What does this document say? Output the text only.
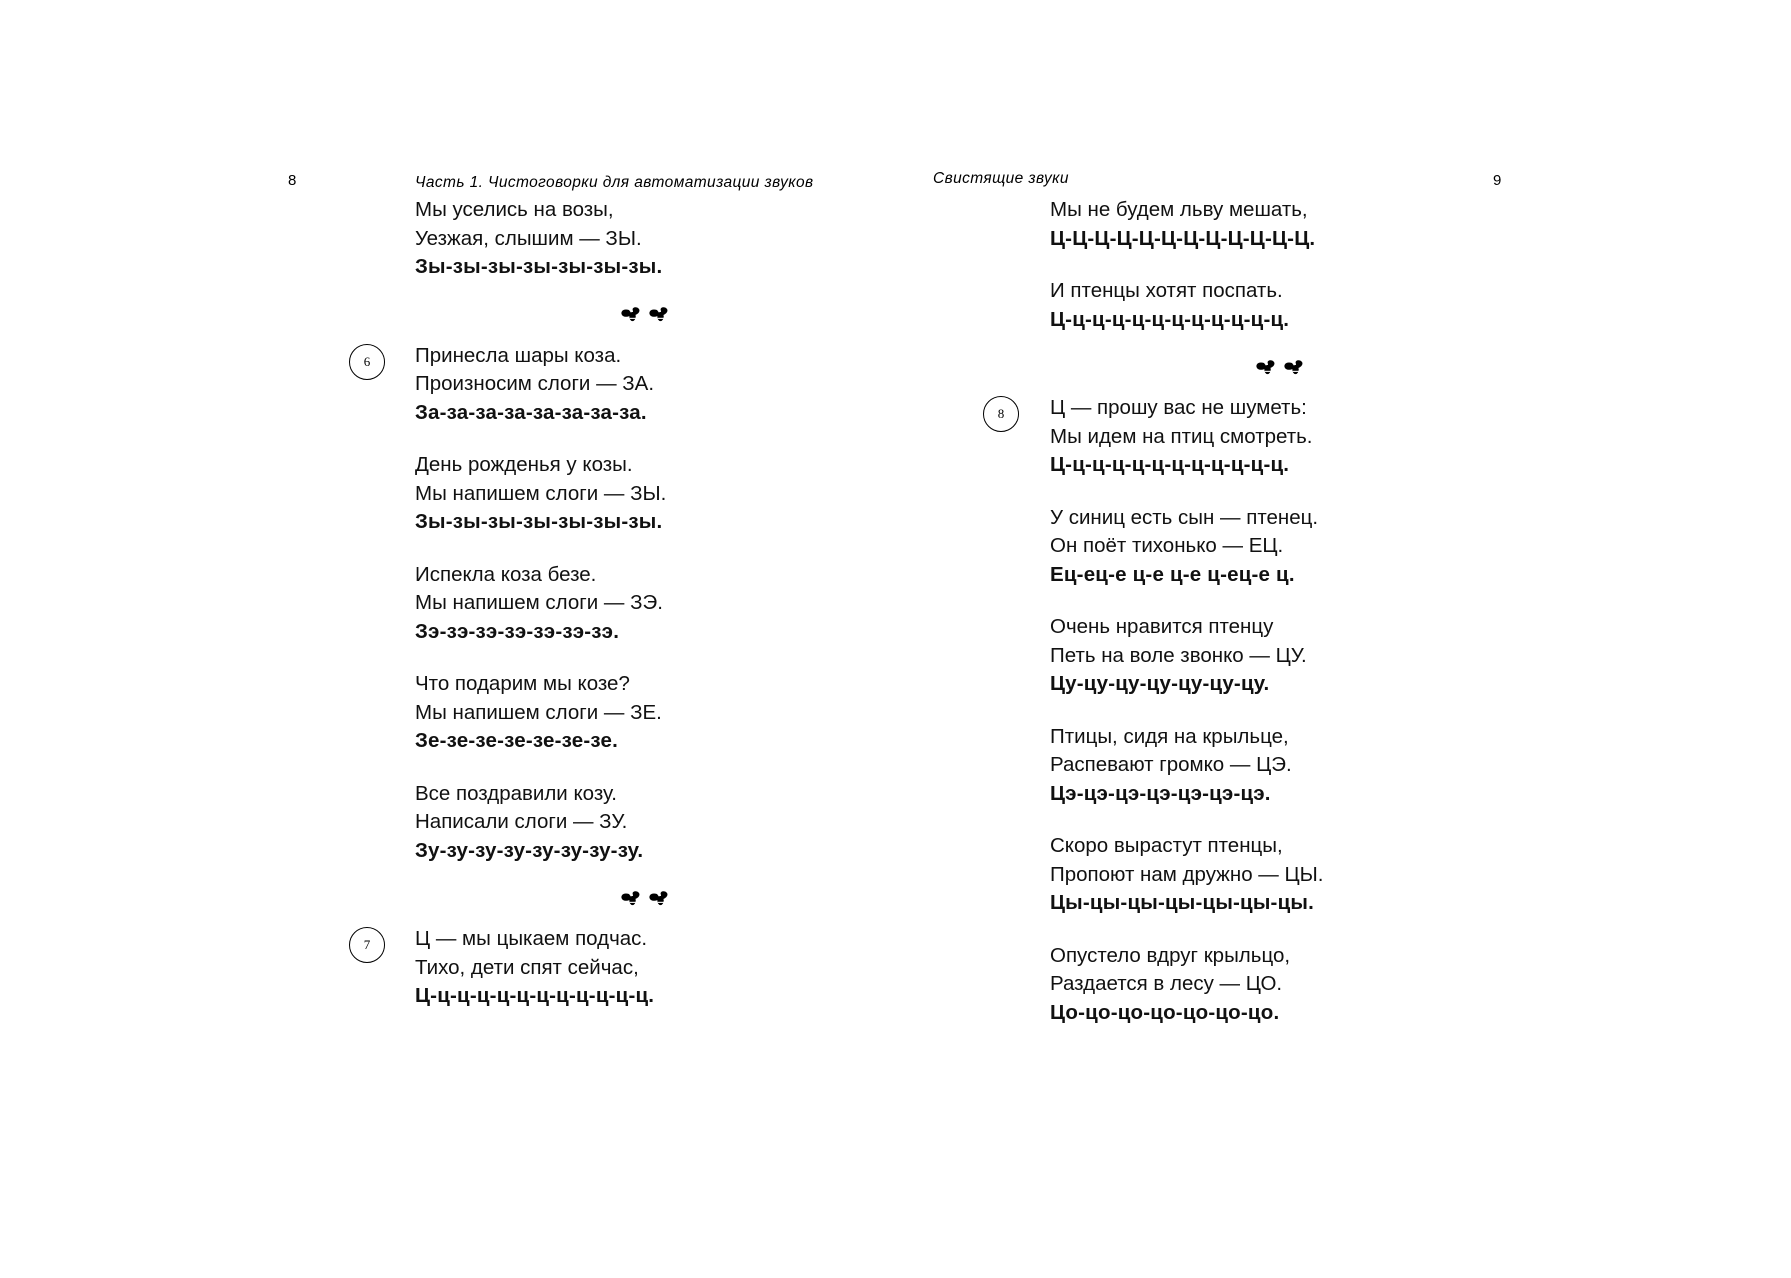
8	9
Часть 1. Чистоговорки для автоматизации звуков	Свистящие звуки
Мы уселись на возы,
Уезжая, слышим — ЗЫ.
Зы-зы-зы-зы-зы-зы-зы.
Принесла шары коза.
Произносим слоги — ЗА.
За-за-за-за-за-за-за-за.
День рожденья у козы.
Мы напишем слоги — ЗЫ.
Зы-зы-зы-зы-зы-зы-зы.
Испекла коза безе.
Мы напишем слоги — ЗЭ.
Зэ-зэ-зэ-зэ-зэ-зэ-зэ.
Что подарим мы козе?
Мы напишем слоги — ЗЕ.
Зе-зе-зе-зе-зе-зе-зе.
Все поздравили козу.
Написали слоги — ЗУ.
Зу-зу-зу-зу-зу-зу-зу-зу.
Ц — мы цыкаем подчас.
Тихо, дети спят сейчас,
Ц-ц-ц-ц-ц-ц-ц-ц-ц-ц-ц-ц.
Мы не будем льву мешать,
Ц-Ц-Ц-Ц-Ц-Ц-Ц-Ц-Ц-Ц-Ц-Ц.
И птенцы хотят поспать.
Ц-ц-ц-ц-ц-ц-ц-ц-ц-ц-ц-ц.
Ц — прошу вас не шуметь:
Мы идем на птиц смотреть.
Ц-ц-ц-ц-ц-ц-ц-ц-ц-ц-ц-ц.
У синиц есть сын — птенец.
Он поёт тихонько — ЕЦ.
Ец-ец-е ц-е ц-е ц-ец-е ц.
Очень нравится птенцу
Петь на воле звонко — ЦУ.
Цу-цу-цу-цу-цу-цу-цу.
Птицы, сидя на крыльце,
Распевают громко — ЦЭ.
Цэ-цэ-цэ-цэ-цэ-цэ-цэ.
Скоро вырастут птенцы,
Пропоют нам дружно — ЦЫ.
Цы-цы-цы-цы-цы-цы-цы.
Опустело вдруг крыльцо,
Раздается в лесу — ЦО.
Цо-цо-цо-цо-цо-цо-цо.
6
7
8
